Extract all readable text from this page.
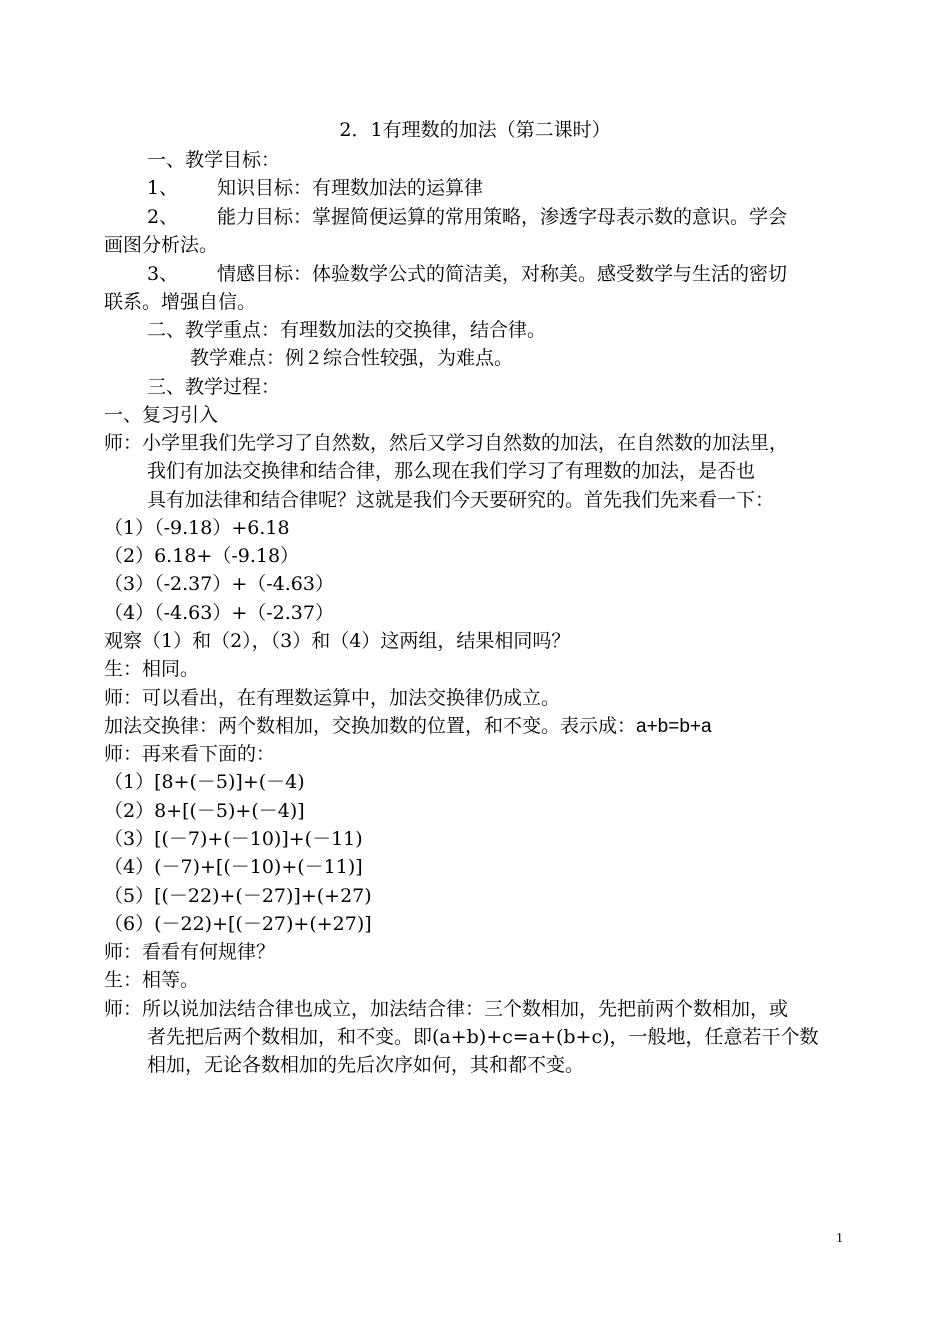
2．1有理数的加法（第二课时）
一、教学目标：
1、 知识目标：有理数加法的运算律
2、 能力目标：掌握简便运算的常用策略，渗透字母表示数的意识。学会
画图分析法。
3、 情感目标：体验数学公式的简洁美，对称美。感受数学与生活的密切
联系。增强自信。
二、教学重点：有理数加法的交换律，结合律。
教学难点：例２综合性较强，为难点。
三、教学过程：
一、复习引入
师：小学里我们先学习了自然数，然后又学习自然数的加法，在自然数的加法里，
我们有加法交换律和结合律，那么现在我们学习了有理数的加法，是否也
具有加法律和结合律呢？这就是我们今天要研究的。首先我们先来看一下：
（1）（-9.18）+6.18
（2）6.18+（-9.18）
（3）（-2.37）+（-4.63）
（4）（-4.63）+（-2.37）
观察（1）和（2），（3）和（4）这两组，结果相同吗？
生：相同。
师：可以看出，在有理数运算中，加法交换律仍成立。
加法交换律：两个数相加，交换加数的位置，和不变。表示成：a+b=b+a
师：再来看下面的：
（1）[8+(－5)]+(－4)
（2）8+[(－5)+(－4)]
（3）[(－7)+(－10)]+(－11)
（4）(－7)+[(－10)+(－11)]
（5）[(－22)+(－27)]+(+27)
（6）(－22)+[(－27)+(+27)]
师：看看有何规律？
生：相等。
师：所以说加法结合律也成立，加法结合律：三个数相加，先把前两个数相加，或
者先把后两个数相加，和不变。即(a+b)+c=a+(b+c)，一般地，任意若干个数
相加，无论各数相加的先后次序如何，其和都不变。
1
